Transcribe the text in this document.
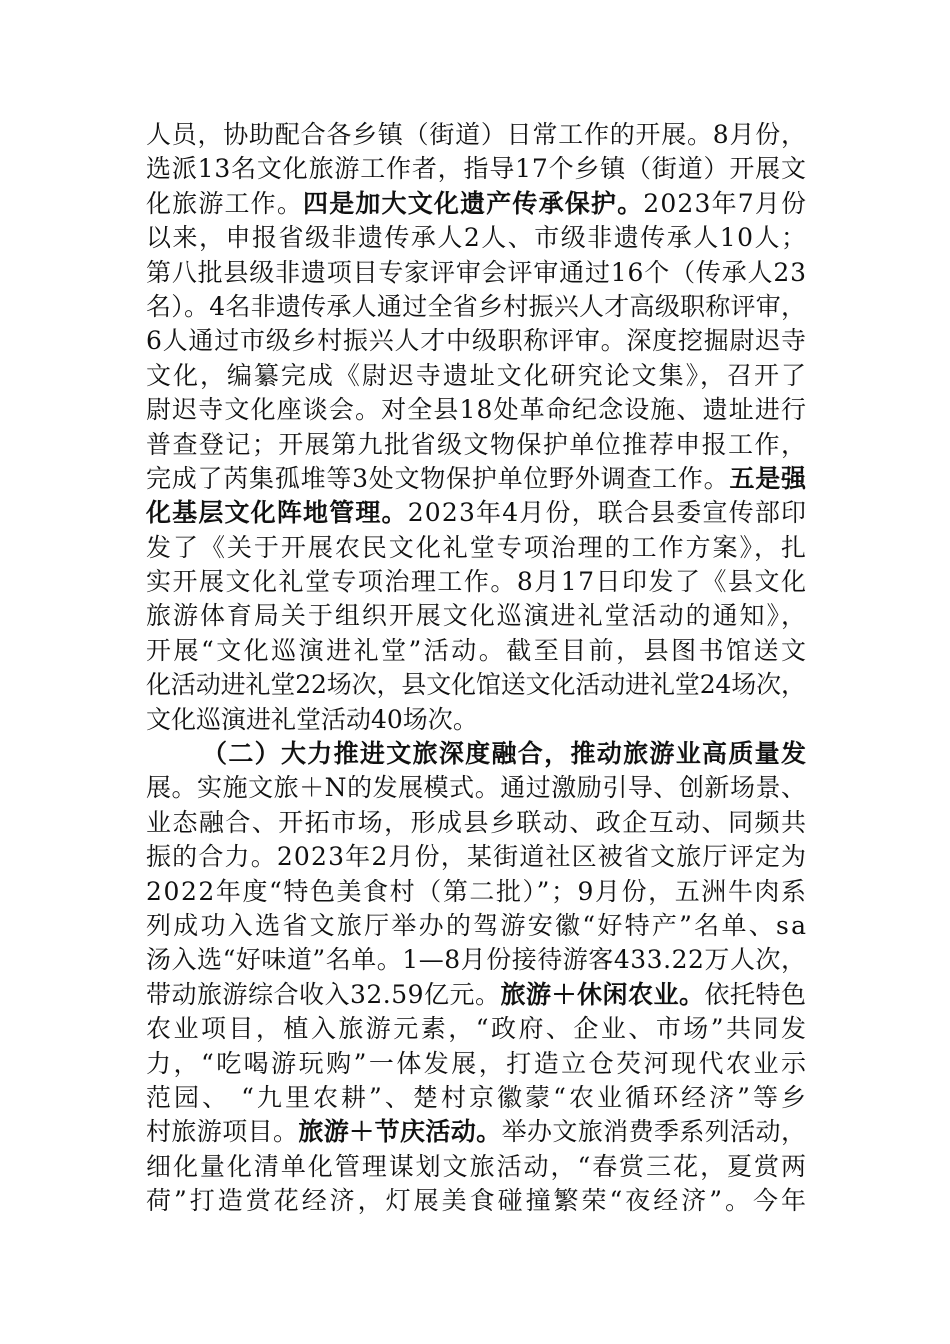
人员，协助配合各乡镇（街道）日常工作的开展。8月份，
选派13名文化旅游工作者，指导17个乡镇（街道）开展文
化旅游工作。四是加大文化遗产传承保护。2023年7月份
以来，申报省级非遗传承人2人、市级非遗传承人10人；
第八批县级非遗项目专家评审会评审通过16个（传承人23
名）。4名非遗传承人通过全省乡村振兴人才高级职称评审，
6人通过市级乡村振兴人才中级职称评审。深度挖掘尉迟寺
文化，编纂完成《尉迟寺遗址文化研究论文集》，召开了
尉迟寺文化座谈会。对全县18处革命纪念设施、遗址进行
普查登记；开展第九批省级文物保护单位推荐申报工作，
完成了芮集孤堆等3处文物保护单位野外调查工作。五是强
化基层文化阵地管理。2023年4月份，联合县委宣传部印
发了《关于开展农民文化礼堂专项治理的工作方案》，扎
实开展文化礼堂专项治理工作。8月17日印发了《县文化
旅游体育局关于组织开展文化巡演进礼堂活动的通知》，
开展“文化巡演进礼堂”活动。截至目前，县图书馆送文
化活动进礼堂22场次，县文化馆送文化活动进礼堂24场次，
文化巡演进礼堂活动40场次。
（二）大力推进文旅深度融合，推动旅游业高质量发
展。实施文旅＋N的发展模式。通过激励引导、创新场景、
业态融合、开拓市场，形成县乡联动、政企互动、同频共
振的合力。2023年2月份，某街道社区被省文旅厅评定为
2022年度“特色美食村（第二批）”；9月份，五洲牛肉系
列成功入选省文旅厅举办的驾游安徽“好特产”名单、sa
汤入选“好味道”名单。1—8月份接待游客433.22万人次，
带动旅游综合收入32.59亿元。旅游＋休闲农业。依托特色
农业项目，植入旅游元素，“政府、企业、市场”共同发
力，“吃喝游玩购”一体发展，打造立仓芡河现代农业示
范园、 “九里农耕”、楚村京徽蒙“农业循环经济”等乡
村旅游项目。旅游＋节庆活动。举办文旅消费季系列活动，
细化量化清单化管理谋划文旅活动，“春赏三花，夏赏两
荷”打造赏花经济，灯展美食碰撞繁荣“夜经济”。今年
